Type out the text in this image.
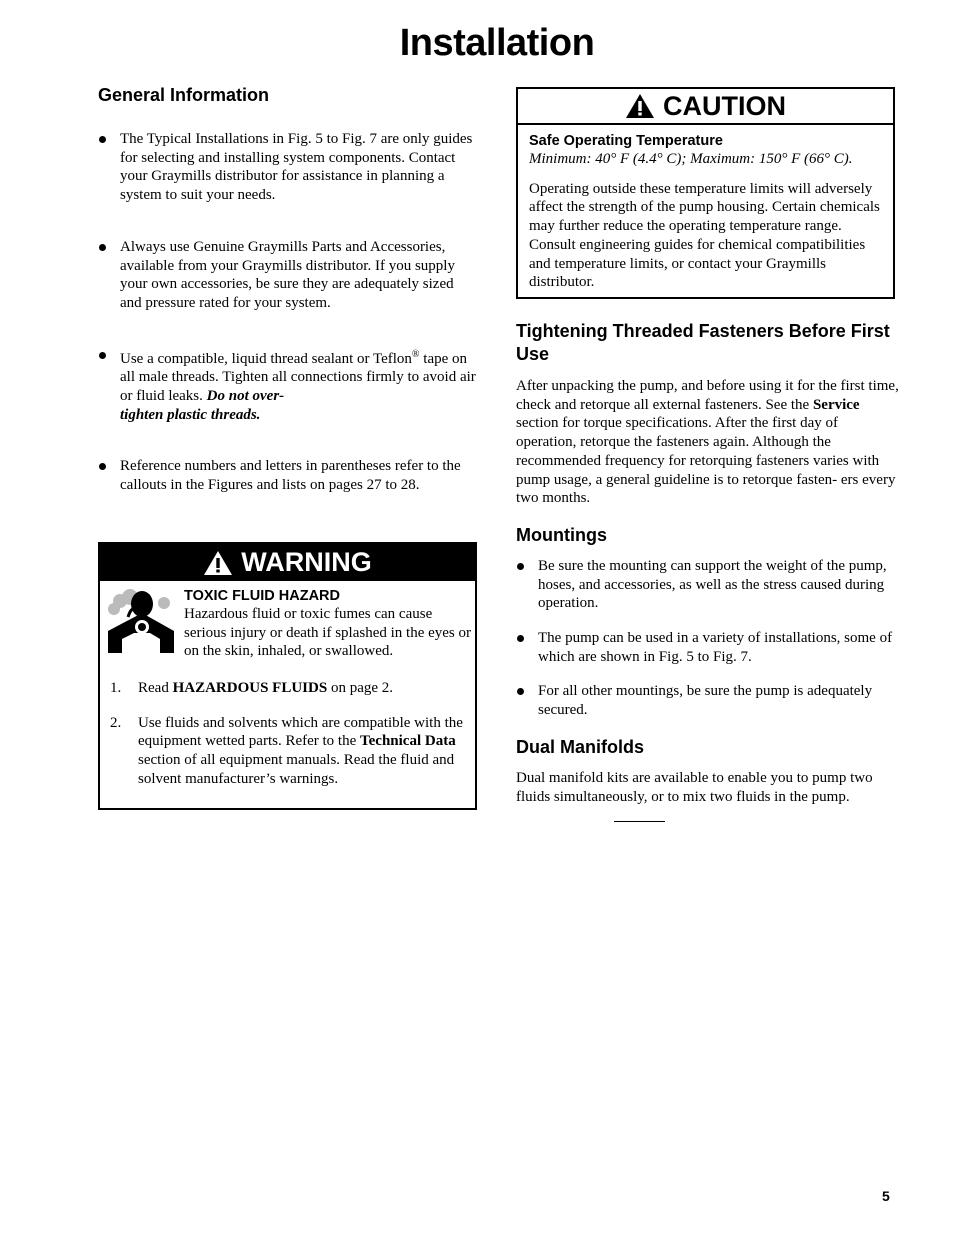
Installation
General Information
The Typical Installations in Fig. 5 to Fig. 7 are only guides for selecting and installing system components. Contact your Graymills distributor for assistance in planning a system to suit your needs.
Always use Genuine Graymills Parts and Accessories, available from your Graymills distributor. If you supply your own accessories, be sure they are adequately sized and pressure rated for your system.
Use a compatible, liquid thread sealant or Teflon® tape on all male threads. Tighten all connections firmly to avoid air or fluid leaks. Do not over-
tighten plastic threads.
Reference numbers and letters in parentheses refer to the callouts in the Figures and lists on pages 27 to 28.
WARNING
TOXIC FLUID HAZARD

Hazardous fluid or toxic fumes can cause serious injury or death if splashed in the eyes or on the skin, inhaled, or swallowed.

1. Read HAZARDOUS FLUIDS on page 2.
2. Use fluids and solvents which are compatible with the equipment wetted parts. Refer to the Technical Data section of all equipment manuals. Read the fluid and solvent manufacturer’s warnings.
CAUTION
Safe Operating Temperature

Minimum: 40° F (4.4° C); Maximum: 150° F (66° C).

Operating outside these temperature limits will adversely affect the strength of the pump housing. Certain chemicals may further reduce the operating temperature range. Consult engineering guides for chemical compatibilities and temperature limits, or contact your Graymills distributor.

Tightening Threaded Fasteners Before First Use

After unpacking the pump, and before using it for the first time, check and retorque all external fasteners. See the Service section for torque specifications. After the first day of operation, retorque the fasteners again. Although the recommended frequency for retorquing fasteners varies with pump usage, a general guideline is to retorque fasten- ers every two months.

Mountings
Be sure the mounting can support the weight of the pump, hoses, and accessories, as well as the stress caused during operation.
The pump can be used in a variety of installations, some of which are shown in Fig. 5 to Fig. 7.
For all other mountings, be sure the pump is adequately secured.
Dual Manifolds

Dual manifold kits are available to enable you to pump two fluids simultaneously, or to mix two fluids in the pump.

5
